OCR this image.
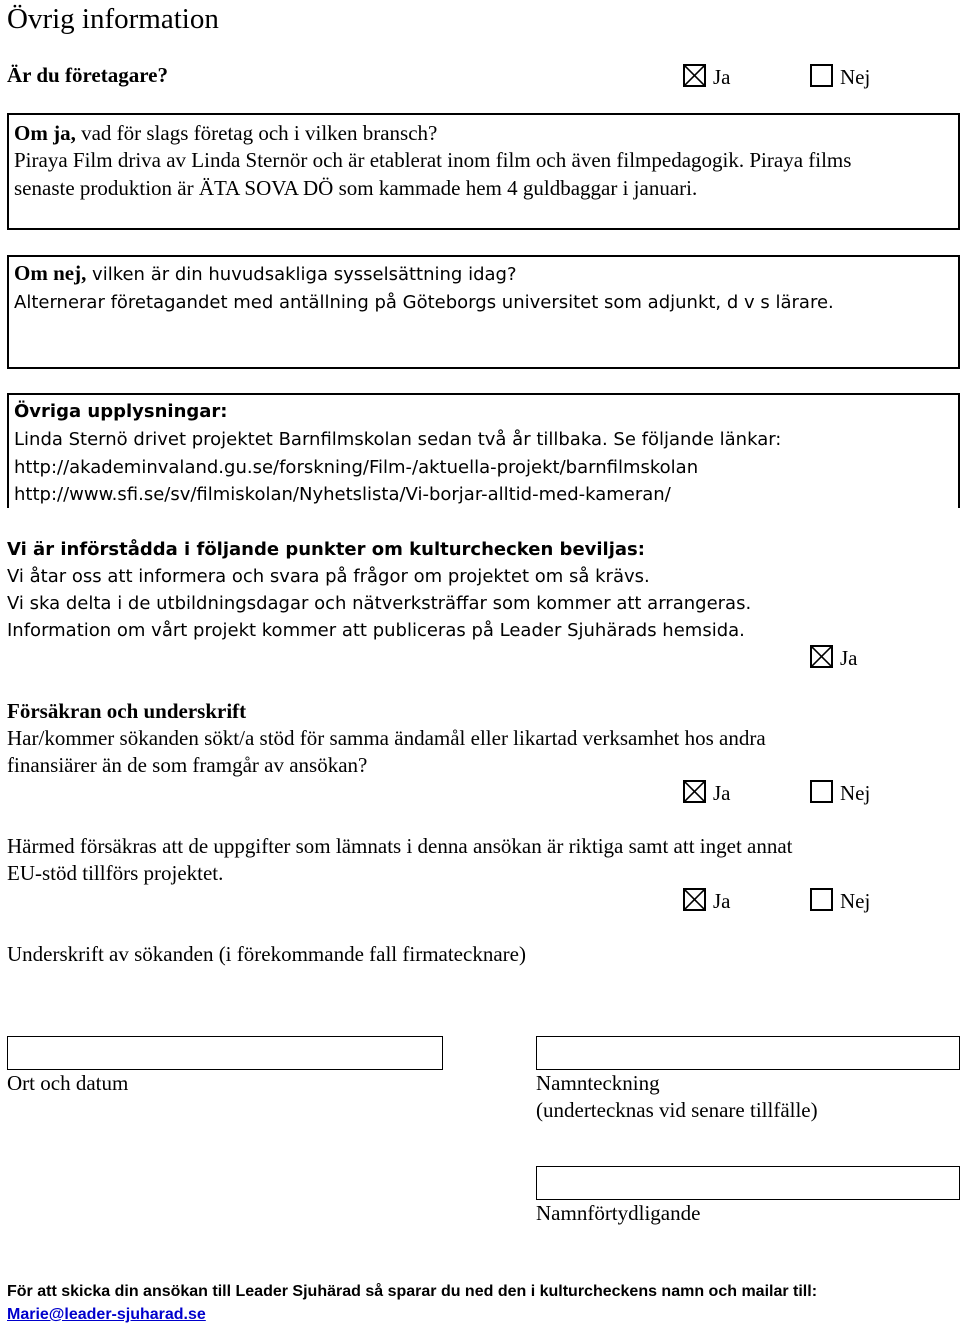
Övrig information
Är du företagare?	Ja	Nej
Om ja, vad för slags företag och i vilken bransch?
Piraya Film driva av Linda Sternör och är etablerat inom film och även filmpedagogik. Piraya films
senaste produktion är ÄTA SOVA DÖ som kammade hem 4 guldbaggar i januari.
Om nej, vilken är din huvudsakliga sysselsättning idag?
Alternerar företagandet med antällning på Göteborgs universitet som adjunkt, d v s lärare.
Övriga upplysningar:
Linda Sternö drivet projektet Barnfilmskolan sedan två år tillbaka. Se följande länkar:
http://akademinvaland.gu.se/forskning/Film-/aktuella-projekt/barnfilmskolan
http://www.sfi.se/sv/filmiskolan/Nyhetslista/Vi-borjar-alltid-med-kameran/
Vi är införstådda i följande punkter om kulturchecken beviljas:
Vi åtar oss att informera och svara på frågor om projektet om så krävs.
Vi ska delta i de utbildningsdagar och nätverksträffar som kommer att arrangeras.
Information om vårt projekt kommer att publiceras på Leader Sjuhärads hemsida.
Ja
Försäkran och underskrift
Har/kommer sökanden sökt/a stöd för samma ändamål eller likartad verksamhet hos andra
finansiärer än de som framgår av ansökan?
Ja	Nej
Härmed försäkras att de uppgifter som lämnats i denna ansökan är riktiga samt att inget annat
EU-stöd tillförs projektet.
Ja	Nej
Underskrift av sökanden (i förekommande fall firmatecknare)
Ort och datum	Namnteckning
(undertecknas vid senare tillfälle)
Namnförtydligande
För att skicka din ansökan till Leader Sjuhärad så sparar du ned den i kulturcheckens namn och mailar till:
Marie@leader-sjuharad.se
